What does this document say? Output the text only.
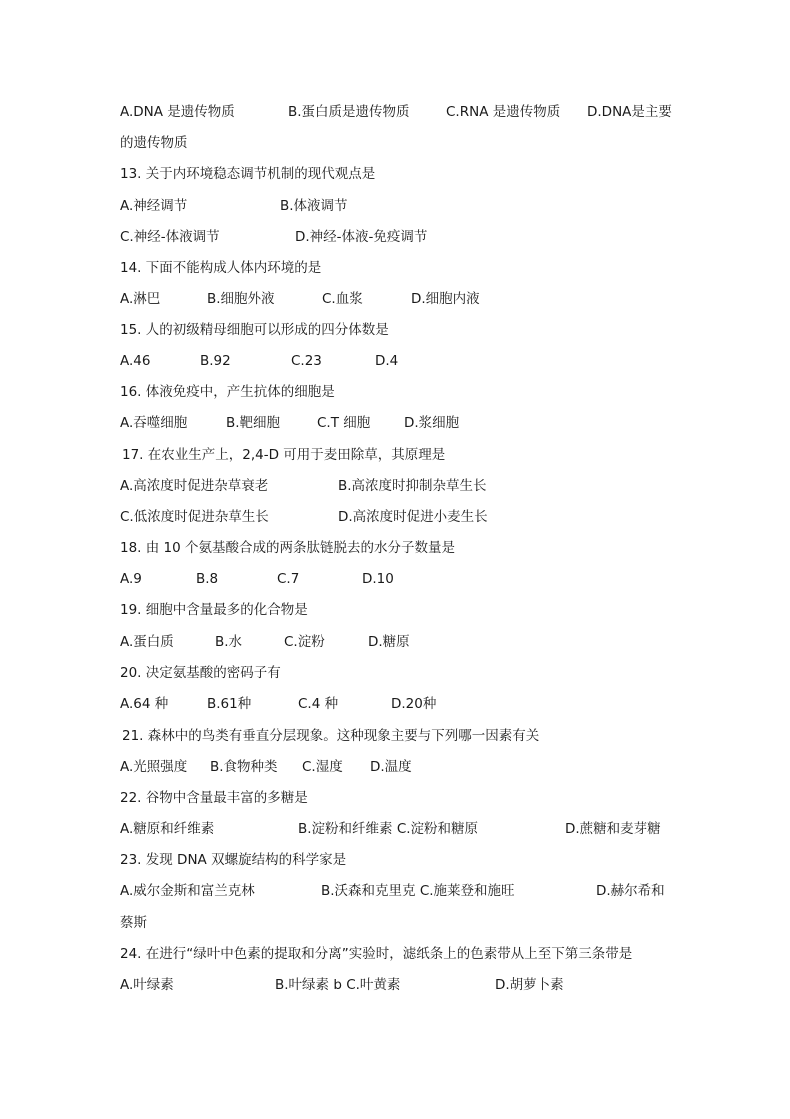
A.DNA 是遗传物质	B.蛋白质是遗传物质	C.RNA 是遗传物质 D.DNA是主要
的遗传物质
13. 关于内环境稳态调节机制的现代观点是
A.神经调节	B.体液调节
C.神经-体液调节	D.神经-体液-免疫调节
14. 下面不能构成人体内环境的是
A.淋巴	B.细胞外液	C.血浆	D.细胞内液
15. 人的初级精母细胞可以形成的四分体数是
A.46	B.92	C.23	D.4
16. 体液免疫中，产生抗体的细胞是
A.吞噬细胞	B.靶细胞	C.T 细胞 D.浆细胞
17. 在农业生产上，2,4-D 可用于麦田除草，其原理是
A.高浓度时促进杂草衰老	B.高浓度时抑制杂草生长
C.低浓度时促进杂草生长	D.高浓度时促进小麦生长
18. 由 10 个氨基酸合成的两条肽链脱去的水分子数量是
A.9	B.8	C.7	D.10
19. 细胞中含量最多的化合物是
A.蛋白质	B.水	C.淀粉	D.糖原
20. 决定氨基酸的密码子有
A.64 种	B.61种	C.4 种	D.20种
21. 森林中的鸟类有垂直分层现象。这种现象主要与下列哪一因素有关
A.光照强度 B.食物种类 C.湿度 D.温度
22. 谷物中含量最丰富的多糖是
A.糖原和纤维素	B.淀粉和纤维素 C.淀粉和糖原	D.蔗糖和麦芽糖
23. 发现 DNA 双螺旋结构的科学家是
A.威尔金斯和富兰克林	B.沃森和克里克 C.施莱登和施旺	D.赫尔希和
蔡斯
24. 在进行“绿叶中色素的提取和分离”实验时，滤纸条上的色素带从上至下第三条带是
A.叶绿素	B.叶绿素 b C.叶黄素	D.胡萝卜素
